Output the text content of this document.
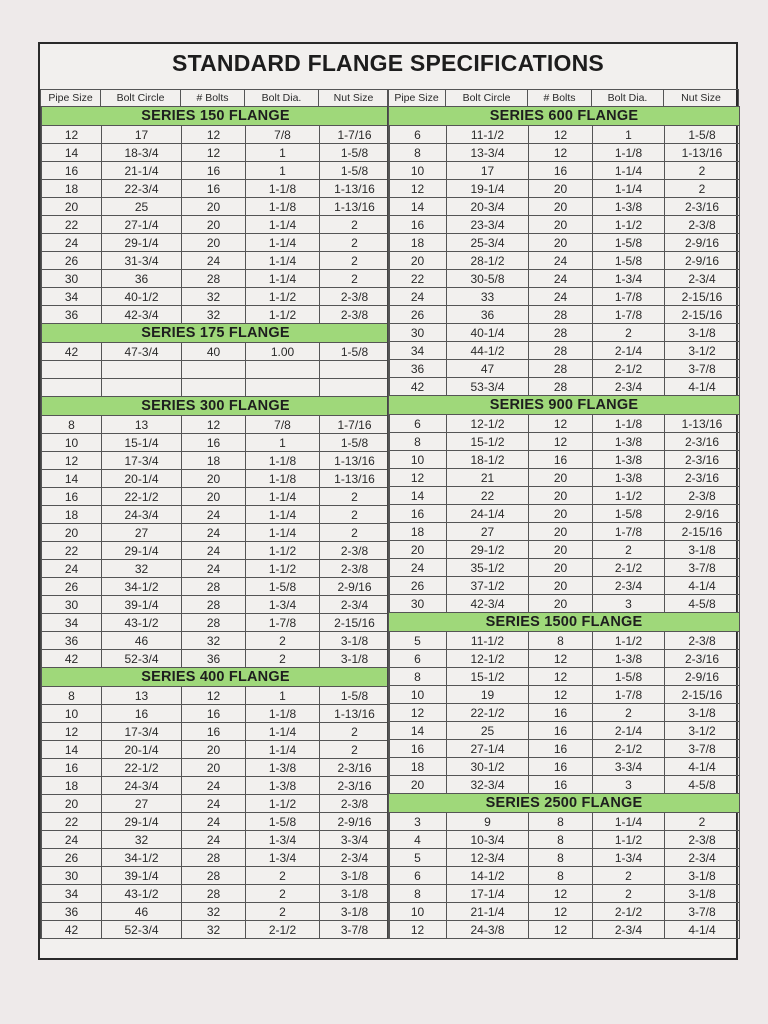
STANDARD FLANGE SPECIFICATIONS
Pipe Size	Bolt Circle	# Bolts	Bolt Dia.	Nut Size Pipe Size	Bolt Circle	# Bolts	Bolt Dia.	Nut Size
SERIES 150 FLANGE				
12	17	12	7/8	1-7/16
14	18-3/4	12	1	1-5/8
16	21-1/4	16	1	1-5/8
18	22-3/4	16	1-1/8	1-13/16
20	25	20	1-1/8	1-13/16
22	27-1/4	20	1-1/4	2
24	29-1/4	20	1-1/4	2
26	31-3/4	24	1-1/4	2
30	36	28	1-1/4	2
34	40-1/2	32	1-1/2	2-3/8
36	42-3/4	32	1-1/2	2-3/8
SERIES 175 FLANGE				
42	47-3/4	40	1.00	1-5/8

SERIES 300 FLANGE				
8	13	12	7/8	1-7/16
10	15-1/4	16	1	1-5/8
12	17-3/4	18	1-1/8	1-13/16
14	20-1/4	20	1-1/8	1-13/16
16	22-1/2	20	1-1/4	2
18	24-3/4	24	1-1/4	2
20	27	24	1-1/4	2
22	29-1/4	24	1-1/2	2-3/8
24	32	24	1-1/2	2-3/8
26	34-1/2	28	1-5/8	2-9/16
30	39-1/4	28	1-3/4	2-3/4
34	43-1/2	28	1-7/8	2-15/16
36	46	32	2	3-1/8
42	52-3/4	36	2	3-1/8
SERIES 400 FLANGE				
8	13	12	1	1-5/8
10	16	16	1-1/8	1-13/16
12	17-3/4	16	1-1/4	2
14	20-1/4	20	1-1/4	2
16	22-1/2	20	1-3/8	2-3/16
18	24-3/4	24	1-3/8	2-3/16
20	27	24	1-1/2	2-3/8
22	29-1/4	24	1-5/8	2-9/16
24	32	24	1-3/4	3-3/4
26	34-1/2	28	1-3/4	2-3/4
30	39-1/4	28	2	3-1/8
34	43-1/2	28	2	3-1/8
36	46	32	2	3-1/8
42	52-3/4	32	2-1/2	3-7/8
SERIES 600 FLANGE				
6	11-1/2	12	1	1-5/8
8	13-3/4	12	1-1/8	1-13/16
10	17	16	1-1/4	2
12	19-1/4	20	1-1/4	2
14	20-3/4	20	1-3/8	2-3/16
16	23-3/4	20	1-1/2	2-3/8
18	25-3/4	20	1-5/8	2-9/16
20	28-1/2	24	1-5/8	2-9/16
22	30-5/8	24	1-3/4	2-3/4
24	33	24	1-7/8	2-15/16
26	36	28	1-7/8	2-15/16
30	40-1/4	28	2	3-1/8
34	44-1/2	28	2-1/4	3-1/2
36	47	28	2-1/2	3-7/8
42	53-3/4	28	2-3/4	4-1/4
SERIES 900 FLANGE				
6	12-1/2	12	1-1/8	1-13/16
8	15-1/2	12	1-3/8	2-3/16
10	18-1/2	16	1-3/8	2-3/16
12	21	20	1-3/8	2-3/16
14	22	20	1-1/2	2-3/8
16	24-1/4	20	1-5/8	2-9/16
18	27	20	1-7/8	2-15/16
20	29-1/2	20	2	3-1/8
24	35-1/2	20	2-1/2	3-7/8
26	37-1/2	20	2-3/4	4-1/4
30	42-3/4	20	3	4-5/8
SERIES 1500 FLANGE				
5	11-1/2	8	1-1/2	2-3/8
6	12-1/2	12	1-3/8	2-3/16
8	15-1/2	12	1-5/8	2-9/16
10	19	12	1-7/8	2-15/16
12	22-1/2	16	2	3-1/8
14	25	16	2-1/4	3-1/2
16	27-1/4	16	2-1/2	3-7/8
18	30-1/2	16	3-3/4	4-1/4
20	32-3/4	16	3	4-5/8
SERIES 2500 FLANGE				
3	9	8	1-1/4	2
4	10-3/4	8	1-1/2	2-3/8
5	12-3/4	8	1-3/4	2-3/4
6	14-1/2	8	2	3-1/8
8	17-1/4	12	2	3-1/8
10	21-1/4	12	2-1/2	3-7/8
12	24-3/8	12	2-3/4	4-1/4
